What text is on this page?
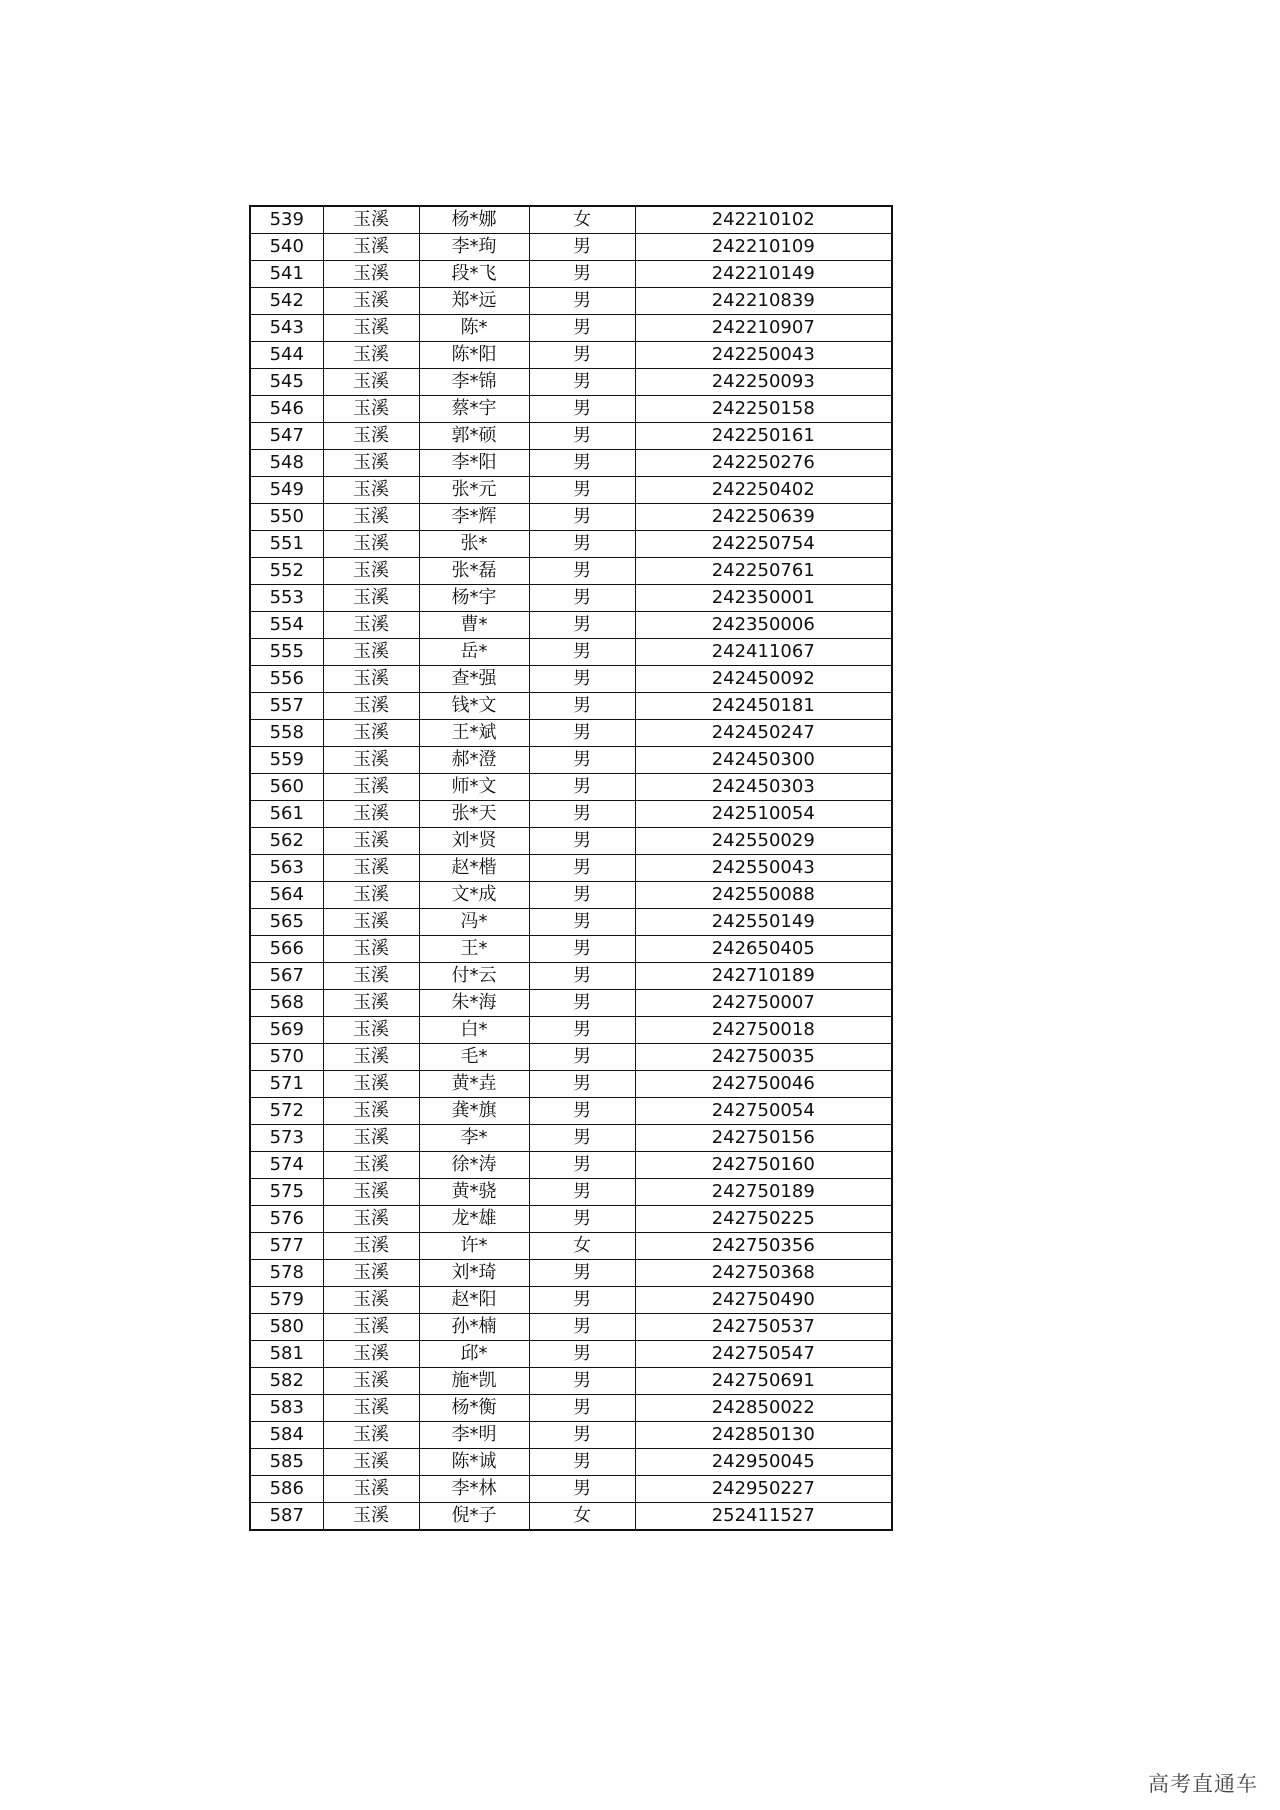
539	玉溪	杨*娜	女	242210102
540	玉溪	李*珣	男	242210109
541	玉溪	段*飞	男	242210149
542	玉溪	郑*远	男	242210839
543	玉溪	陈*	男	242210907
544	玉溪	陈*阳	男	242250043
545	玉溪	李*锦	男	242250093
546	玉溪	蔡*宇	男	242250158
547	玉溪	郭*硕	男	242250161
548	玉溪	李*阳	男	242250276
549	玉溪	张*元	男	242250402
550	玉溪	李*辉	男	242250639
551	玉溪	张*	男	242250754
552	玉溪	张*磊	男	242250761
553	玉溪	杨*宇	男	242350001
554	玉溪	曹*	男	242350006
555	玉溪	岳*	男	242411067
556	玉溪	查*强	男	242450092
557	玉溪	钱*文	男	242450181
558	玉溪	王*斌	男	242450247
559	玉溪	郝*澄	男	242450300
560	玉溪	师*文	男	242450303
561	玉溪	张*天	男	242510054
562	玉溪	刘*贤	男	242550029
563	玉溪	赵*楷	男	242550043
564	玉溪	文*成	男	242550088
565	玉溪	冯*	男	242550149
566	玉溪	王*	男	242650405
567	玉溪	付*云	男	242710189
568	玉溪	朱*海	男	242750007
569	玉溪	白*	男	242750018
570	玉溪	毛*	男	242750035
571	玉溪	黄*垚	男	242750046
572	玉溪	龚*旗	男	242750054
573	玉溪	李*	男	242750156
574	玉溪	徐*涛	男	242750160
575	玉溪	黄*骁	男	242750189
576	玉溪	龙*雄	男	242750225
577	玉溪	许*	女	242750356
578	玉溪	刘*琦	男	242750368
579	玉溪	赵*阳	男	242750490
580	玉溪	孙*楠	男	242750537
581	玉溪	邱*	男	242750547
582	玉溪	施*凯	男	242750691
583	玉溪	杨*衡	男	242850022
584	玉溪	李*明	男	242850130
585	玉溪	陈*诚	男	242950045
586	玉溪	李*林	男	242950227
587	玉溪	倪*子	女	252411527
高考直通车
